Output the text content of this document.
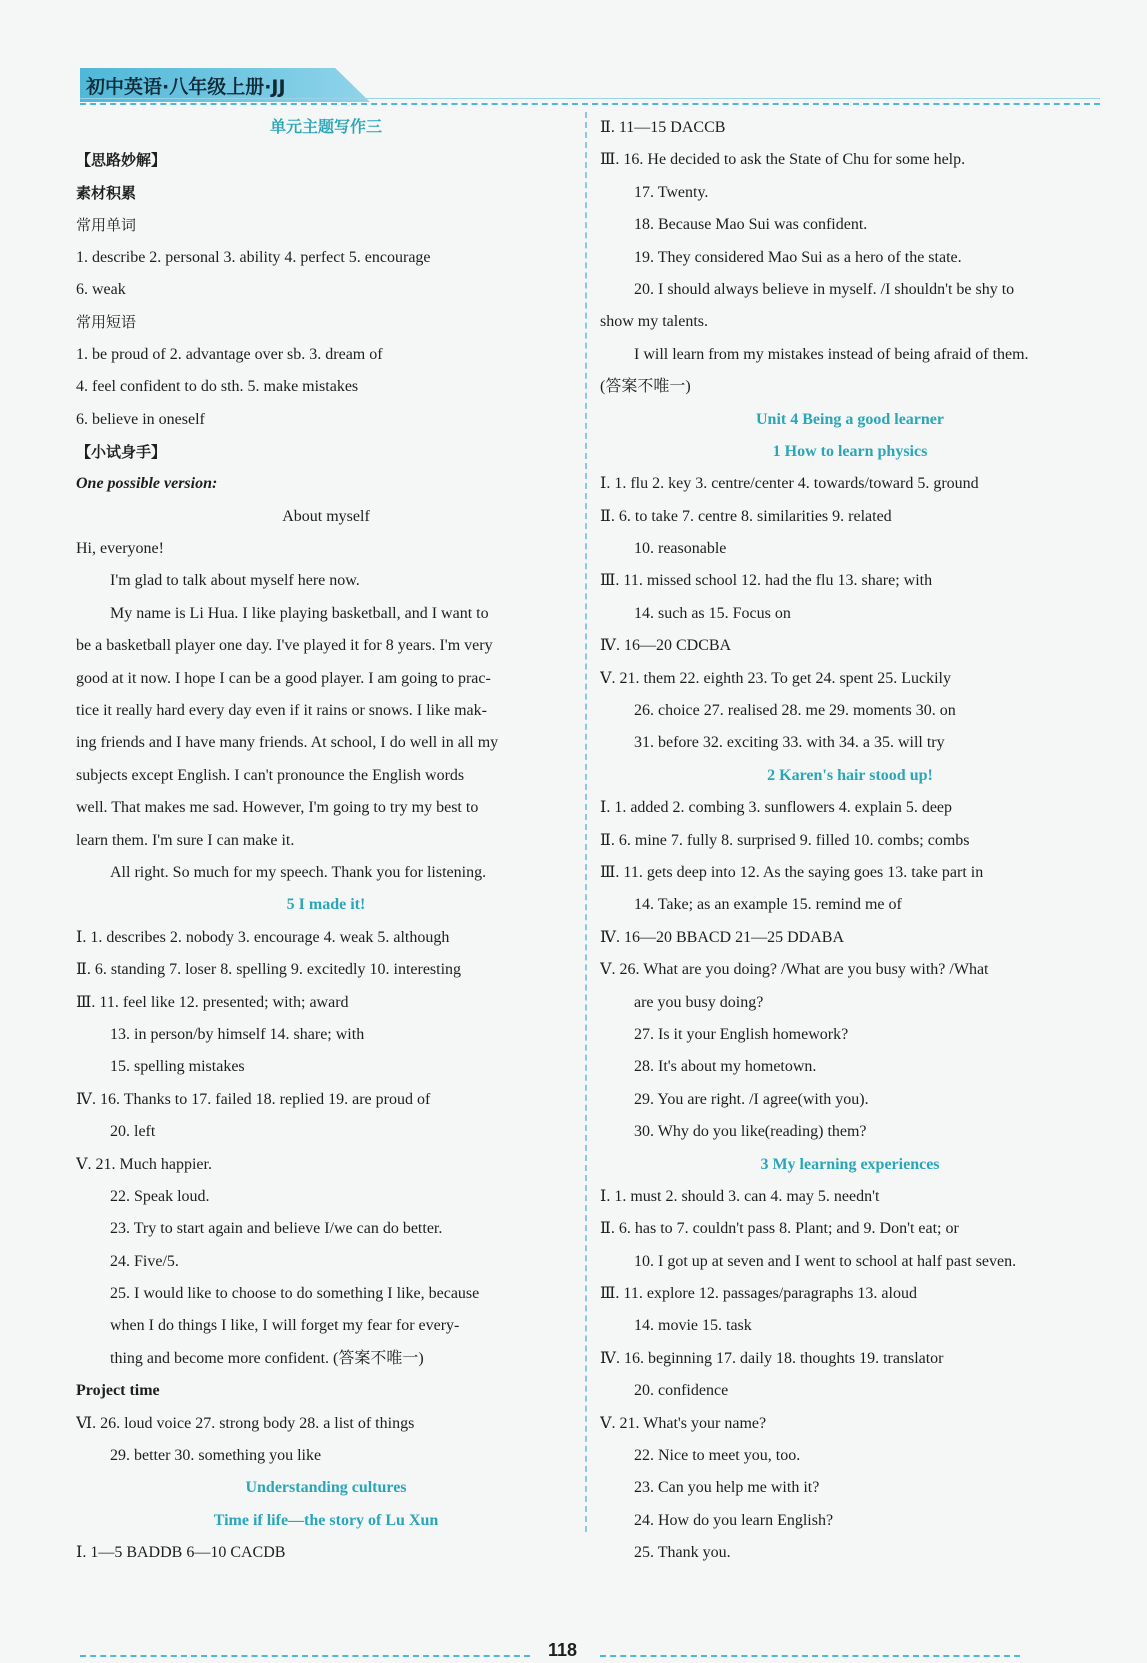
初中英语·八年级上册·JJ
单元主题写作三
【思路妙解】
素材积累
常用单词
1. describe 2. personal 3. ability 4. perfect 5. encourage
6. weak
常用短语
1. be proud of 2. advantage over sb. 3. dream of
4. feel confident to do sth. 5. make mistakes
6. believe in oneself
【小试身手】
One possible version:
About myself
Hi, everyone!
I'm glad to talk about myself here now.
My name is Li Hua. I like playing basketball, and I want to
be a basketball player one day. I've played it for 8 years. I'm very
good at it now. I hope I can be a good player. I am going to prac-
tice it really hard every day even if it rains or snows. I like mak-
ing friends and I have many friends. At school, I do well in all my
subjects except English. I can't pronounce the English words
well. That makes me sad. However, I'm going to try my best to
learn them. I'm sure I can make it.
All right. So much for my speech. Thank you for listening.
5 I made it!
Ⅰ. 1. describes 2. nobody 3. encourage 4. weak 5. although
Ⅱ. 6. standing 7. loser 8. spelling 9. excitedly 10. interesting
Ⅲ. 11. feel like 12. presented; with; award
13. in person/by himself 14. share; with
15. spelling mistakes
Ⅳ. 16. Thanks to 17. failed 18. replied 19. are proud of
20. left
Ⅴ. 21. Much happier.
22. Speak loud.
23. Try to start again and believe I/we can do better.
24. Five/5.
25. I would like to choose to do something I like, because
when I do things I like, I will forget my fear for every-
thing and become more confident. (答案不唯一)
Project time
Ⅵ. 26. loud voice 27. strong body 28. a list of things
29. better 30. something you like
Understanding cultures
Time if life—the story of Lu Xun
Ⅰ. 1—5 BADDB 6—10 CACDB
Ⅱ. 11—15 DACCB
Ⅲ. 16. He decided to ask the State of Chu for some help.
17. Twenty.
18. Because Mao Sui was confident.
19. They considered Mao Sui as a hero of the state.
20. I should always believe in myself. /I shouldn't be shy to
show my talents.
I will learn from my mistakes instead of being afraid of them.
(答案不唯一)
Unit 4 Being a good learner
1 How to learn physics
Ⅰ. 1. flu 2. key 3. centre/center 4. towards/toward 5. ground
Ⅱ. 6. to take 7. centre 8. similarities 9. related
10. reasonable
Ⅲ. 11. missed school 12. had the flu 13. share; with
14. such as 15. Focus on
Ⅳ. 16—20 CDCBA
Ⅴ. 21. them 22. eighth 23. To get 24. spent 25. Luckily
26. choice 27. realised 28. me 29. moments 30. on
31. before 32. exciting 33. with 34. a 35. will try
2 Karen's hair stood up!
Ⅰ. 1. added 2. combing 3. sunflowers 4. explain 5. deep
Ⅱ. 6. mine 7. fully 8. surprised 9. filled 10. combs; combs
Ⅲ. 11. gets deep into 12. As the saying goes 13. take part in
14. Take; as an example 15. remind me of
Ⅳ. 16—20 BBACD 21—25 DDABA
Ⅴ. 26. What are you doing? /What are you busy with? /What
are you busy doing?
27. Is it your English homework?
28. It's about my hometown.
29. You are right. /I agree(with you).
30. Why do you like(reading) them?
3 My learning experiences
Ⅰ. 1. must 2. should 3. can 4. may 5. needn't
Ⅱ. 6. has to 7. couldn't pass 8. Plant; and 9. Don't eat; or
10. I got up at seven and I went to school at half past seven.
Ⅲ. 11. explore 12. passages/paragraphs 13. aloud
14. movie 15. task
Ⅳ. 16. beginning 17. daily 18. thoughts 19. translator
20. confidence
Ⅴ. 21. What's your name?
22. Nice to meet you, too.
23. Can you help me with it?
24. How do you learn English?
25. Thank you.
118
